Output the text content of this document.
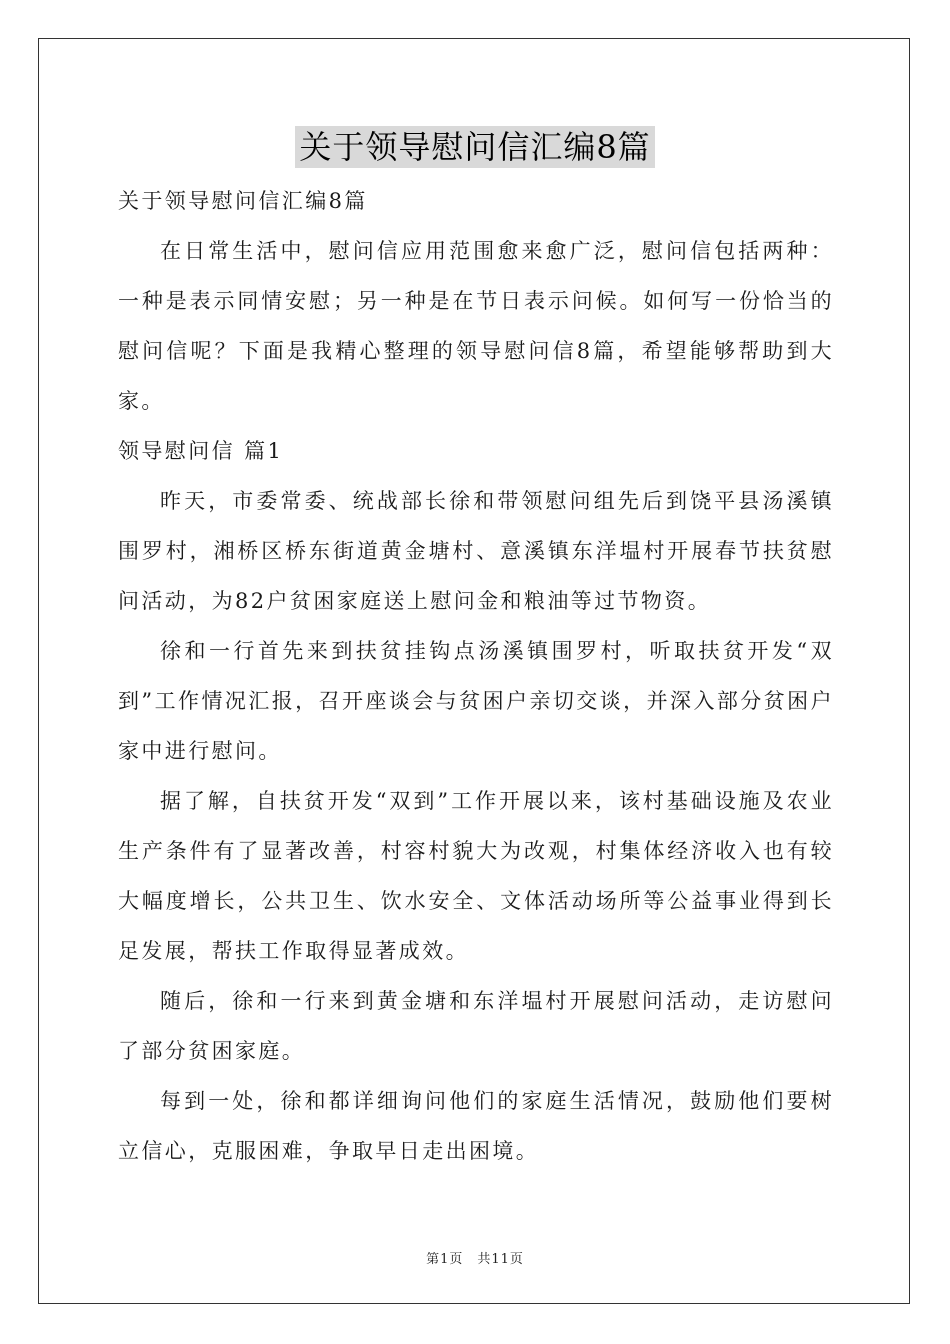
关于领导慰问信汇编8篇

关于领导慰问信汇编8篇

在日常生活中，慰问信应用范围愈来愈广泛，慰问信包括两种：一种是表示同情安慰；另一种是在节日表示问候。如何写一份恰当的慰问信呢？下面是我精心整理的领导慰问信8篇，希望能够帮助到大家。

领导慰问信 篇1

昨天，市委常委、统战部长徐和带领慰问组先后到饶平县汤溪镇围罗村，湘桥区桥东街道黄金塘村、意溪镇东洋塭村开展春节扶贫慰问活动，为82户贫困家庭送上慰问金和粮油等过节物资。

徐和一行首先来到扶贫挂钩点汤溪镇围罗村，听取扶贫开发“双到”工作情况汇报，召开座谈会与贫困户亲切交谈，并深入部分贫困户家中进行慰问。

据了解，自扶贫开发“双到”工作开展以来，该村基础设施及农业生产条件有了显著改善，村容村貌大为改观，村集体经济收入也有较大幅度增长，公共卫生、饮水安全、文体活动场所等公益事业得到长足发展，帮扶工作取得显著成效。

随后，徐和一行来到黄金塘和东洋塭村开展慰问活动，走访慰问了部分贫困家庭。

每到一处，徐和都详细询问他们的家庭生活情况，鼓励他们要树立信心，克服困难，争取早日走出困境。

第1页　共11页
